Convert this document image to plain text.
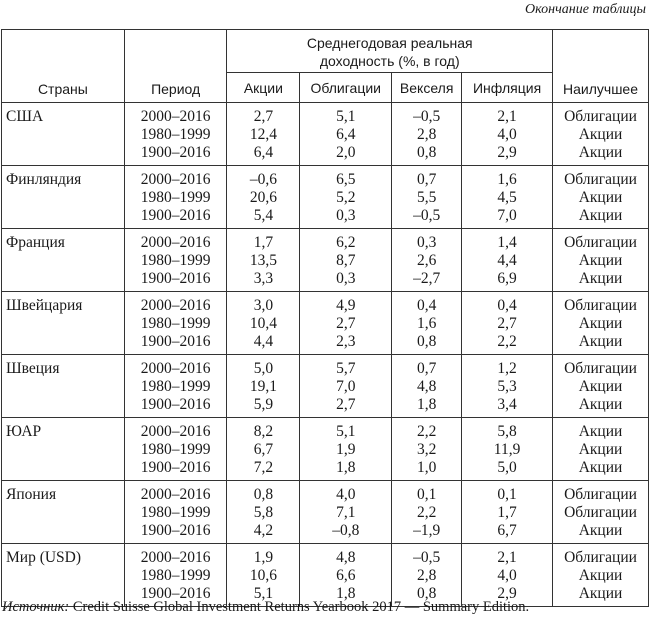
Окончание таблицы
Страны	Период	Среднегодовая реальная доходность (%, в год)				Наилучшее
		Акции	Облигации	Векселя	Инфляция	
США	2000–2016	2,7	5,1	–0,5	2,1	Облигации
	1980–1999	12,4	6,4	2,8	4,0	Акции
	1900–2016	6,4	2,0	0,8	2,9	Акции
Финляндия	2000–2016	–0,6	6,5	0,7	1,6	Облигации
	1980–1999	20,6	5,2	5,5	4,5	Акции
	1900–2016	5,4	0,3	–0,5	7,0	Акции
Франция	2000–2016	1,7	6,2	0,3	1,4	Облигации
	1980–1999	13,5	8,7	2,6	4,4	Акции
	1900–2016	3,3	0,3	–2,7	6,9	Акции
Швейцария	2000–2016	3,0	4,9	0,4	0,4	Облигации
	1980–1999	10,4	2,7	1,6	2,7	Акции
	1900–2016	4,4	2,3	0,8	2,2	Акции
Швеция	2000–2016	5,0	5,7	0,7	1,2	Облигации
	1980–1999	19,1	7,0	4,8	5,3	Акции
	1900–2016	5,9	2,7	1,8	3,4	Акции
ЮАР	2000–2016	8,2	5,1	2,2	5,8	Акции
	1980–1999	6,7	1,9	3,2	11,9	Акции
	1900–2016	7,2	1,8	1,0	5,0	Акции
Япония	2000–2016	0,8	4,0	0,1	0,1	Облигации
	1980–1999	5,8	7,1	2,2	1,7	Облигации
	1900–2016	4,2	–0,8	–1,9	6,7	Акции
Мир (USD)	2000–2016	1,9	4,8	–0,5	2,1	Облигации
	1980–1999	10,6	6,6	2,8	4,0	Акции
	1900–2016	5,1	1,8	0,8	2,9	Акции
Источник: Credit Suisse Global Investment Returns Yearbook 2017 — Summary Edition.
